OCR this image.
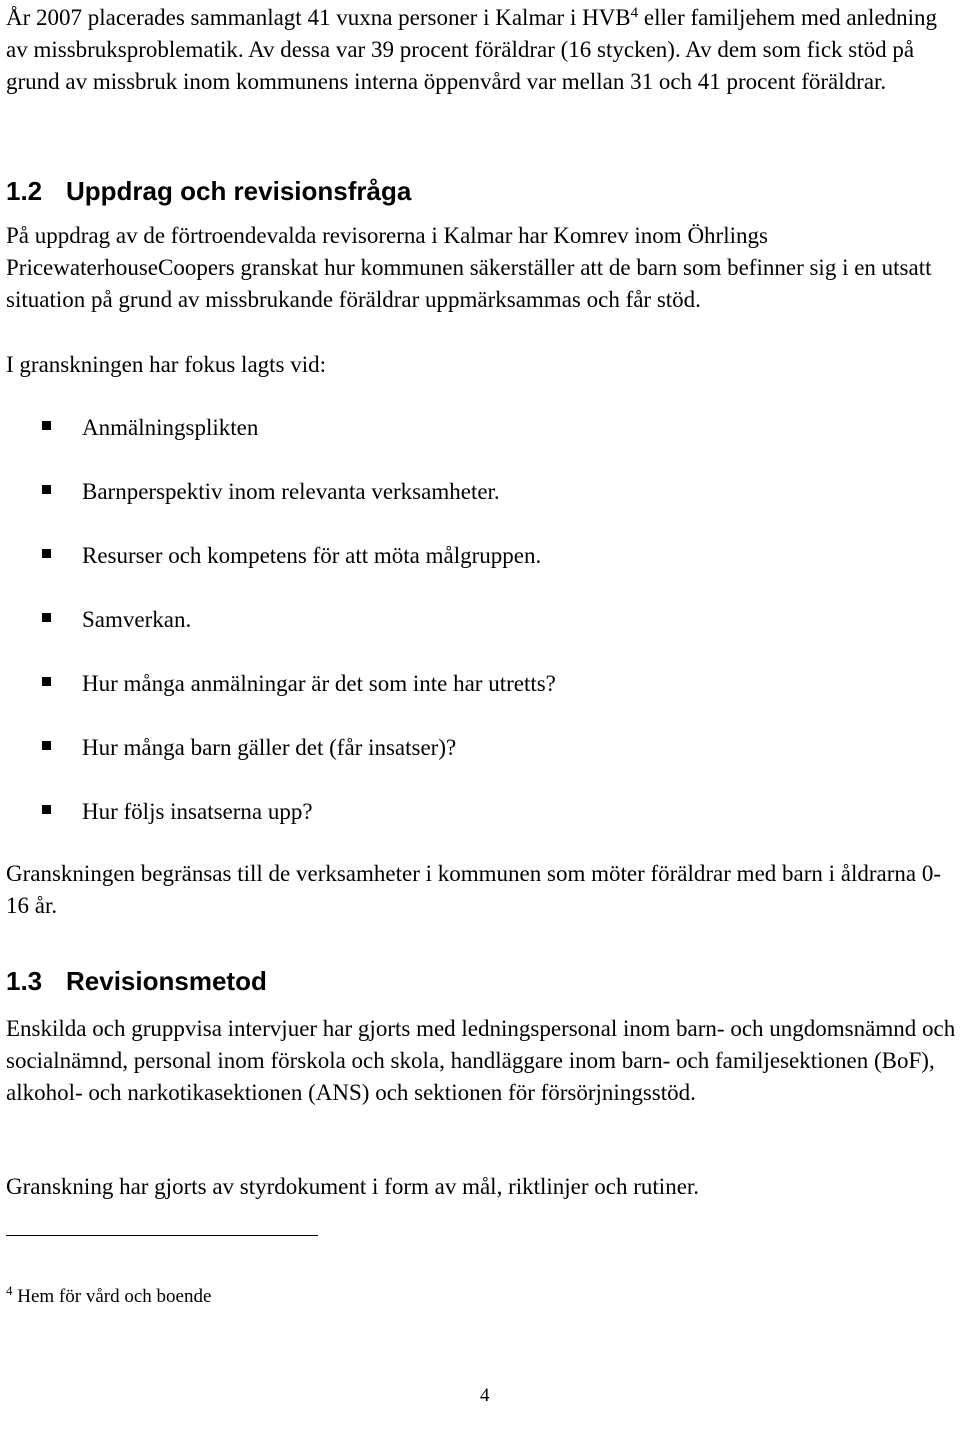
År 2007 placerades sammanlagt 41 vuxna personer i Kalmar i HVB$^4$ eller familjehem med anledning av missbruksproblematik. Av dessa var 39 procent föräldrar (16 stycken). Av dem som fick stöd på grund av missbruk inom kommunens interna öppenvård var mellan 31 och 41 procent föräldrar.

1.2 Uppdrag och revisionsfråga

På uppdrag av de förtroendevalda revisorerna i Kalmar har Komrev inom Öhrlings PricewaterhouseCoopers granskat hur kommunen säkerställer att de barn som befinner sig i en utsatt situation på grund av missbrukande föräldrar uppmärksammas och får stöd.

I granskningen har fokus lagts vid:

Anmälningsplikten
Barnperspektiv inom relevanta verksamheter.
Resurser och kompetens för att möta målgruppen.
Samverkan.
Hur många anmälningar är det som inte har utretts?
Hur många barn gäller det (får insatser)?
Hur följs insatserna upp?

Granskningen begränsas till de verksamheter i kommunen som möter föräldrar med barn i åldrarna 0-16 år.

1.3 Revisionsmetod

Enskilda och gruppvisa intervjuer har gjorts med ledningspersonal inom barn- och ungdomsnämnd och socialnämnd, personal inom förskola och skola, handläggare inom barn- och familjesektionen (BoF), alkohol- och narkotikasektionen (ANS) och sektionen för försörjningsstöd.

Granskning har gjorts av styrdokument i form av mål, riktlinjer och rutiner.

$^4$ Hem för vård och boende
4
